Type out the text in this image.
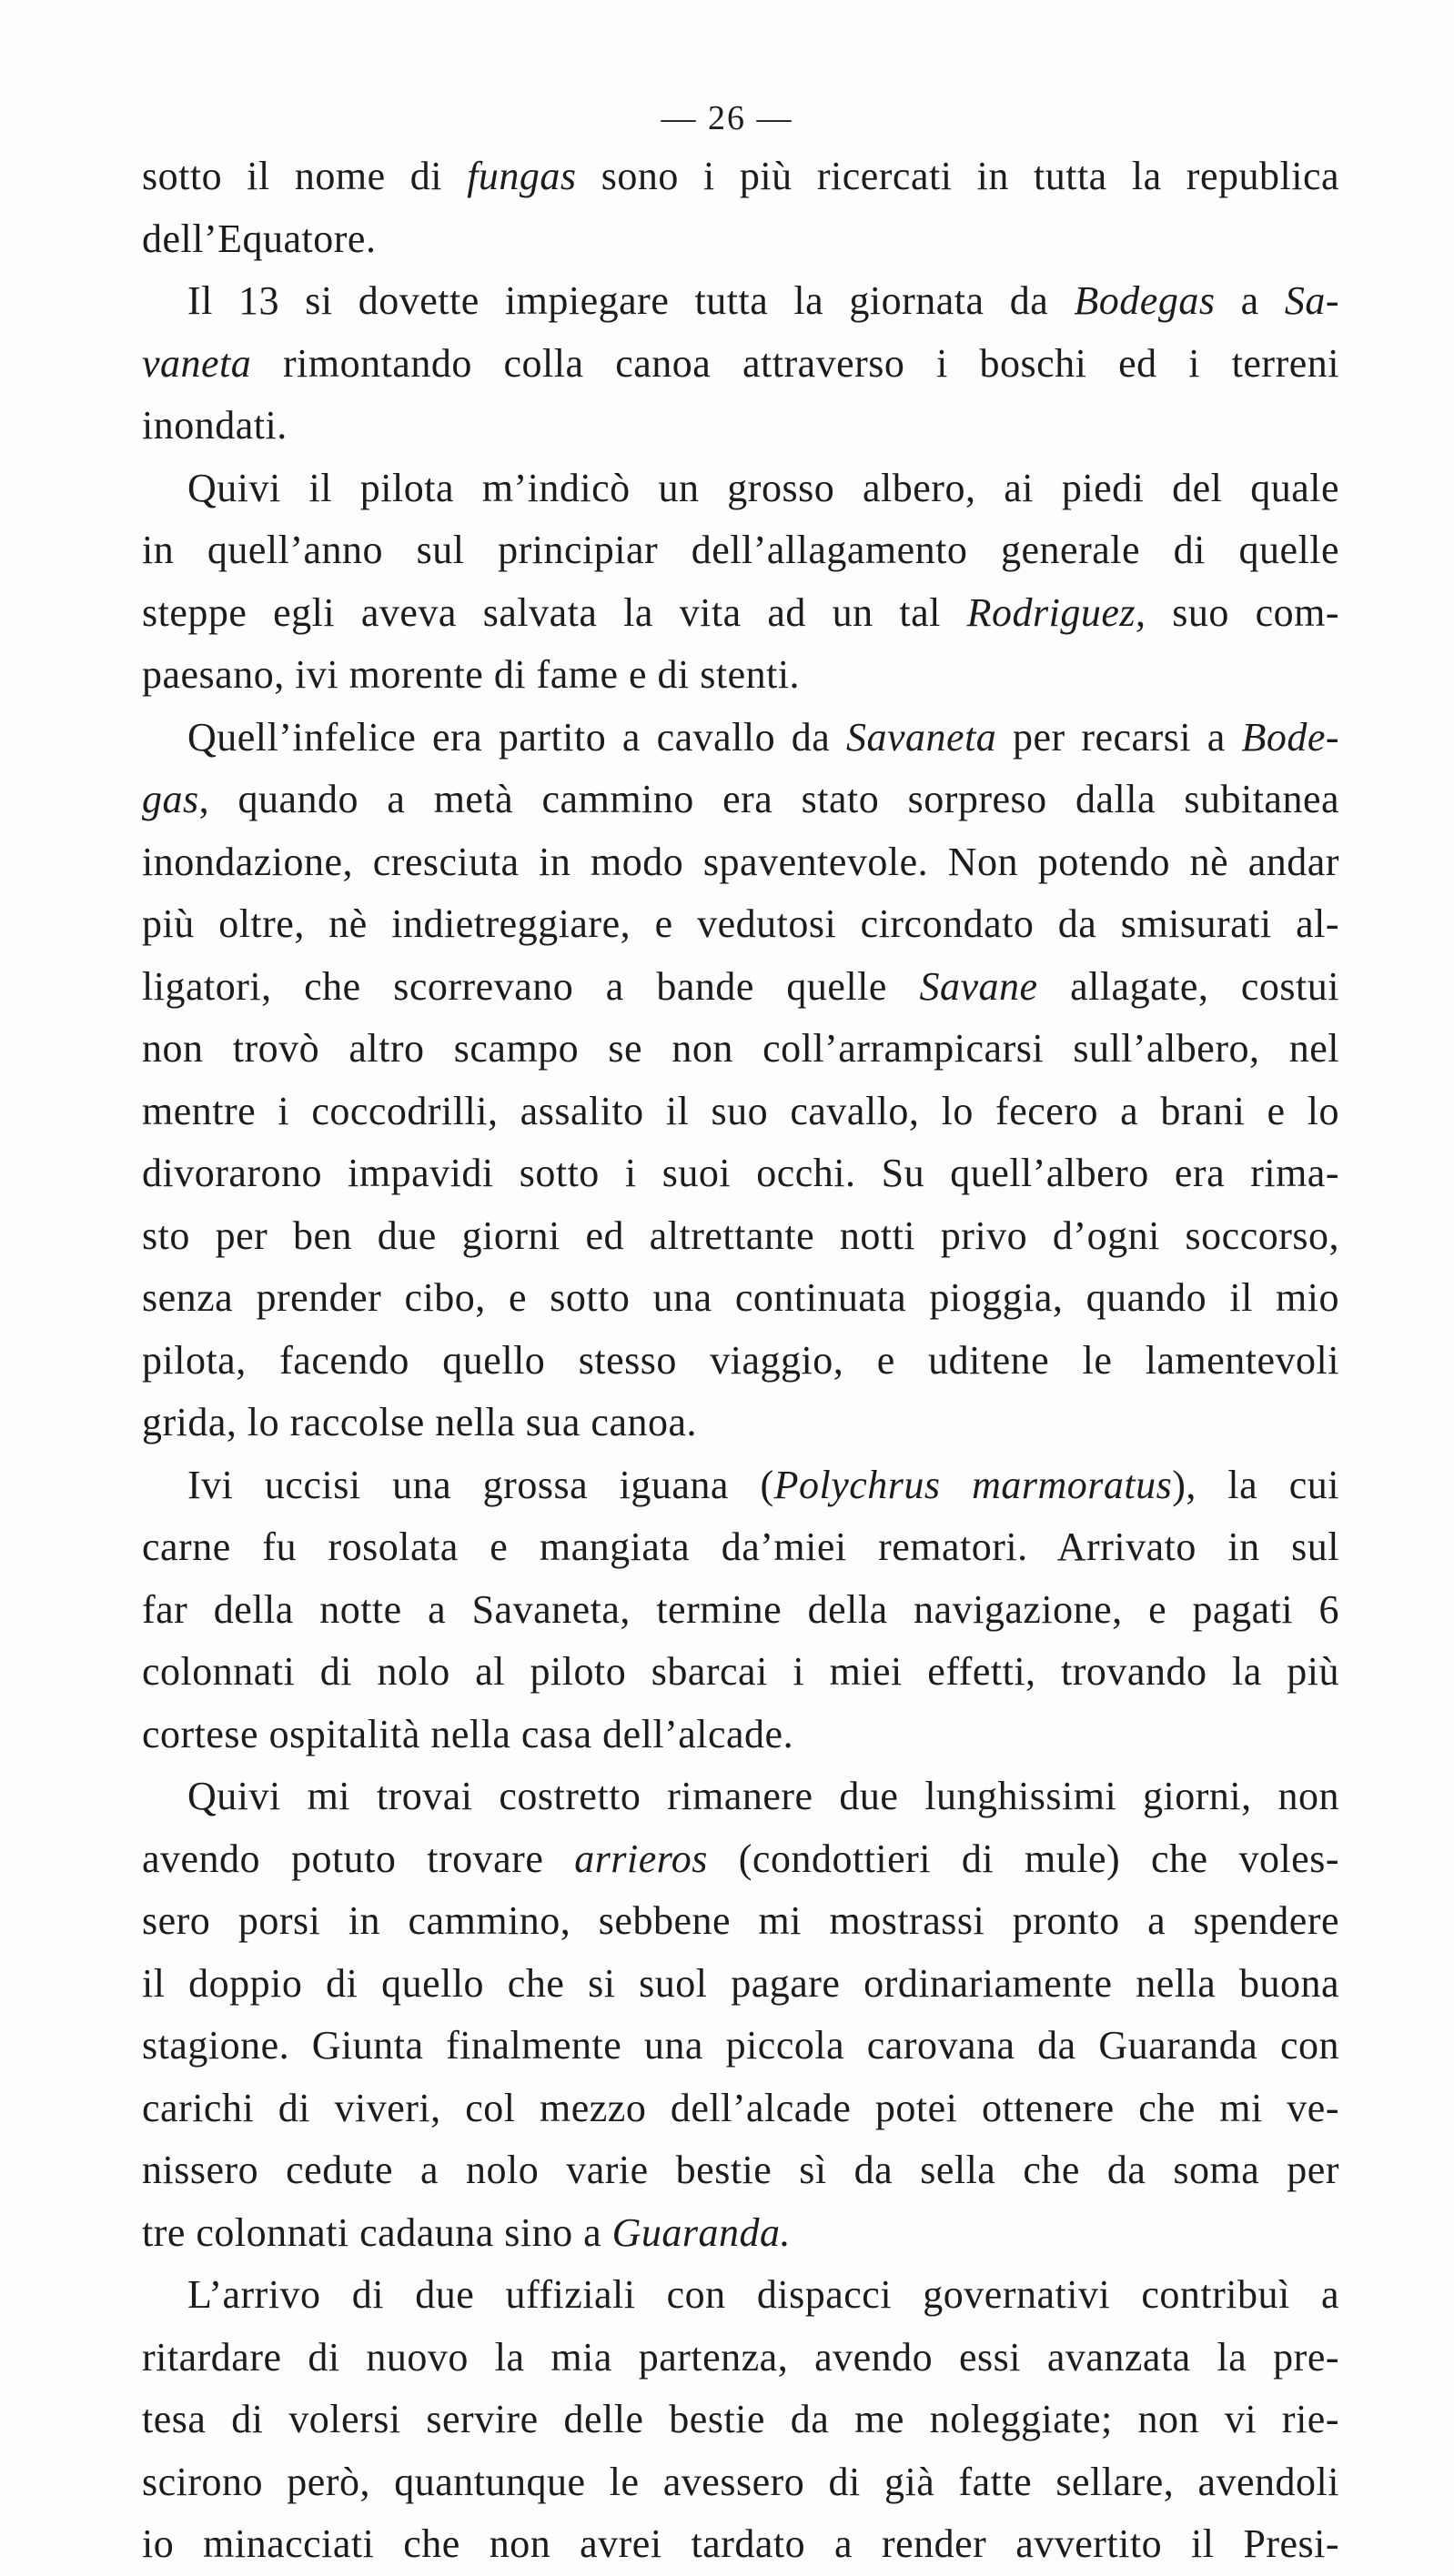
— 26 —
sotto il nome di fungas sono i più ricercati in tutta la republica
dell’Equatore.
Il 13 si dovette impiegare tutta la giornata da Bodegas a Sa-
vaneta rimontando colla canoa attraverso i boschi ed i terreni
inondati.
Quivi il pilota m’indicò un grosso albero, ai piedi del quale
in quell’anno sul principiar dell’allagamento generale di quelle
steppe egli aveva salvata la vita ad un tal Rodriguez, suo com-
paesano, ivi morente di fame e di stenti.
Quell’infelice era partito a cavallo da Savaneta per recarsi a Bode-
gas, quando a metà cammino era stato sorpreso dalla subitanea
inondazione, cresciuta in modo spaventevole. Non potendo nè andar
più oltre, nè indietreggiare, e vedutosi circondato da smisurati al-
ligatori, che scorrevano a bande quelle Savane allagate, costui
non trovò altro scampo se non coll’arrampicarsi sull’albero, nel
mentre i coccodrilli, assalito il suo cavallo, lo fecero a brani e lo
divorarono impavidi sotto i suoi occhi. Su quell’albero era rima-
sto per ben due giorni ed altrettante notti privo d’ogni soccorso,
senza prender cibo, e sotto una continuata pioggia, quando il mio
pilota, facendo quello stesso viaggio, e uditene le lamentevoli
grida, lo raccolse nella sua canoa.
Ivi uccisi una grossa iguana (Polychrus marmoratus), la cui
carne fu rosolata e mangiata da’miei rematori. Arrivato in sul
far della notte a Savaneta, termine della navigazione, e pagati 6
colonnati di nolo al piloto sbarcai i miei effetti, trovando la più
cortese ospitalità nella casa dell’alcade.
Quivi mi trovai costretto rimanere due lunghissimi giorni, non
avendo potuto trovare arrieros (condottieri di mule) che voles-
sero porsi in cammino, sebbene mi mostrassi pronto a spendere
il doppio di quello che si suol pagare ordinariamente nella buona
stagione. Giunta finalmente una piccola carovana da Guaranda con
carichi di viveri, col mezzo dell’alcade potei ottenere che mi ve-
nissero cedute a nolo varie bestie sì da sella che da soma per
tre colonnati cadauna sino a Guaranda.
L’arrivo di due uffiziali con dispacci governativi contribuì a
ritardare di nuovo la mia partenza, avendo essi avanzata la pre-
tesa di volersi servire delle bestie da me noleggiate; non vi rie-
scirono però, quantunque le avessero di già fatte sellare, avendoli
io minacciati che non avrei tardato a render avvertito il Presi-
